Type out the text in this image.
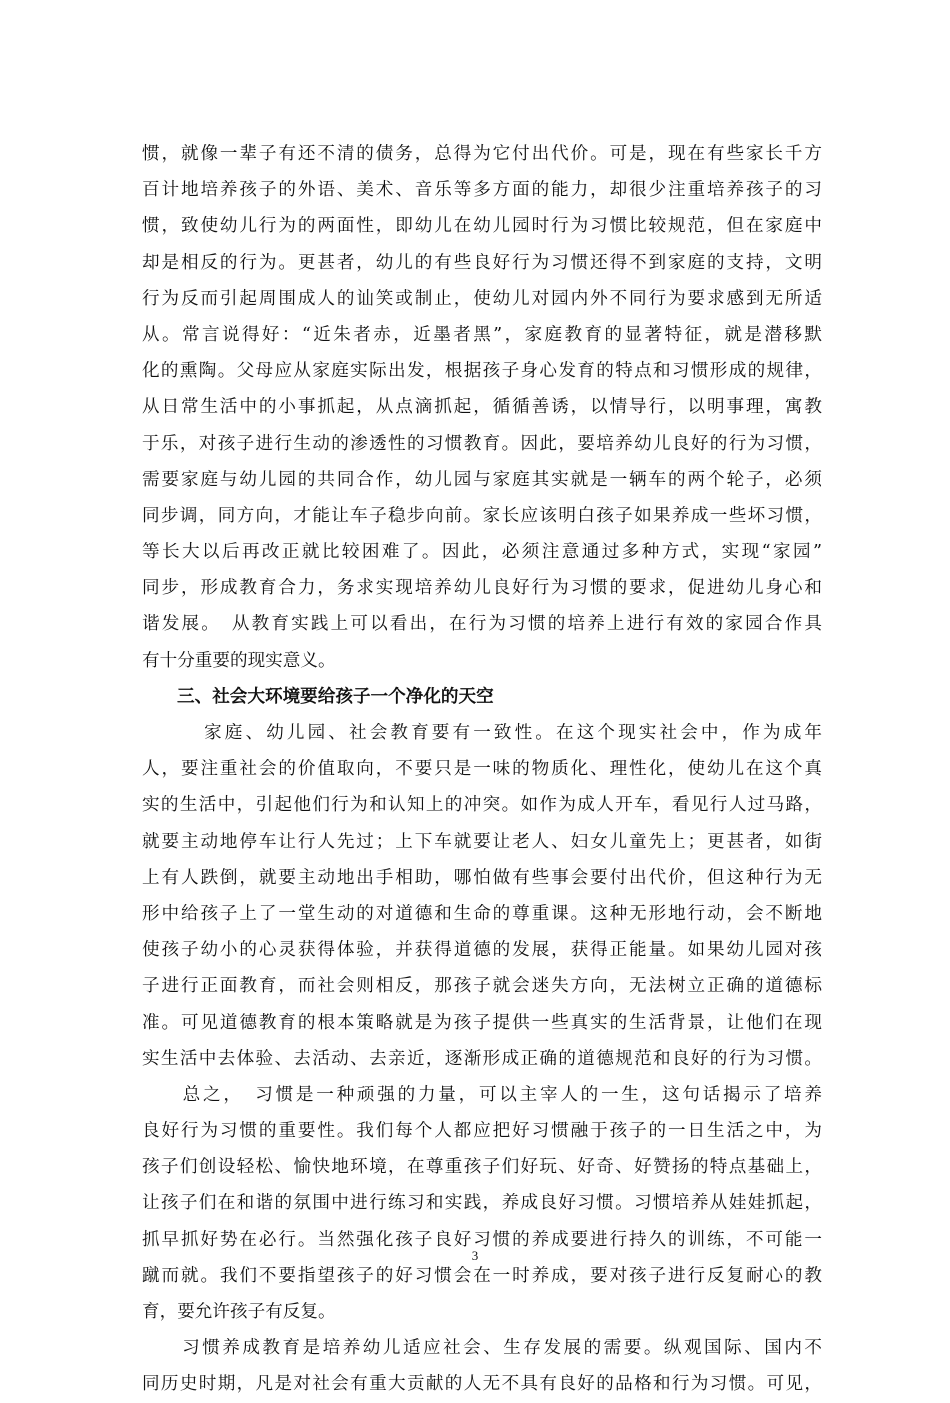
惯，就像一辈子有还不清的债务，总得为它付出代价。可是，现在有些家长千方
百计地培养孩子的外语、美术、音乐等多方面的能力，却很少注重培养孩子的习
惯，致使幼儿行为的两面性，即幼儿在幼儿园时行为习惯比较规范，但在家庭中
却是相反的行为。更甚者，幼儿的有些良好行为习惯还得不到家庭的支持，文明
行为反而引起周围成人的讪笑或制止，使幼儿对园内外不同行为要求感到无所适
从。常言说得好：“近朱者赤，近墨者黑”，家庭教育的显著特征，就是潜移默
化的熏陶。父母应从家庭实际出发，根据孩子身心发育的特点和习惯形成的规律，
从日常生活中的小事抓起，从点滴抓起，循循善诱，以情导行，以明事理，寓教
于乐，对孩子进行生动的渗透性的习惯教育。因此，要培养幼儿良好的行为习惯，
需要家庭与幼儿园的共同合作，幼儿园与家庭其实就是一辆车的两个轮子，必须
同步调，同方向，才能让车子稳步向前。家长应该明白孩子如果养成一些坏习惯，
等长大以后再改正就比较困难了。因此，必须注意通过多种方式，实现“家园”
同步，形成教育合力，务求实现培养幼儿良好行为习惯的要求，促进幼儿身心和
谐发展。　从教育实践上可以看出，在行为习惯的培养上进行有效的家园合作具
有十分重要的现实意义。
三、社会大环境要给孩子一个净化的天空
　　　家庭、幼儿园、社会教育要有一致性。在这个现实社会中，作为成年
人，要注重社会的价值取向，不要只是一味的物质化、理性化，使幼儿在这个真
实的生活中，引起他们行为和认知上的冲突。如作为成人开车，看见行人过马路，
就要主动地停车让行人先过；上下车就要让老人、妇女儿童先上；更甚者，如街
上有人跌倒，就要主动地出手相助，哪怕做有些事会要付出代价，但这种行为无
形中给孩子上了一堂生动的对道德和生命的尊重课。这种无形地行动，会不断地
使孩子幼小的心灵获得体验，并获得道德的发展，获得正能量。如果幼儿园对孩
子进行正面教育，而社会则相反，那孩子就会迷失方向，无法树立正确的道德标
准。可见道德教育的根本策略就是为孩子提供一些真实的生活背景，让他们在现
实生活中去体验、去活动、去亲近，逐渐形成正确的道德规范和良好的行为习惯。
　　总之，　习惯是一种顽强的力量，可以主宰人的一生，这句话揭示了培养
良好行为习惯的重要性。我们每个人都应把好习惯融于孩子的一日生活之中，为
孩子们创设轻松、愉快地环境，在尊重孩子们好玩、好奇、好赞扬的特点基础上，
让孩子们在和谐的氛围中进行练习和实践，养成良好习惯。习惯培养从娃娃抓起，
抓早抓好势在必行。当然强化孩子良好习惯的养成要进行持久的训练，不可能一
蹴而就。我们不要指望孩子的好习惯会在一时养成，要对孩子进行反复耐心的教
育，要允许孩子有反复。
　　习惯养成教育是培养幼儿适应社会、生存发展的需要。纵观国际、国内不
同历史时期，凡是对社会有重大贡献的人无不具有良好的品格和行为习惯。可见，
3
